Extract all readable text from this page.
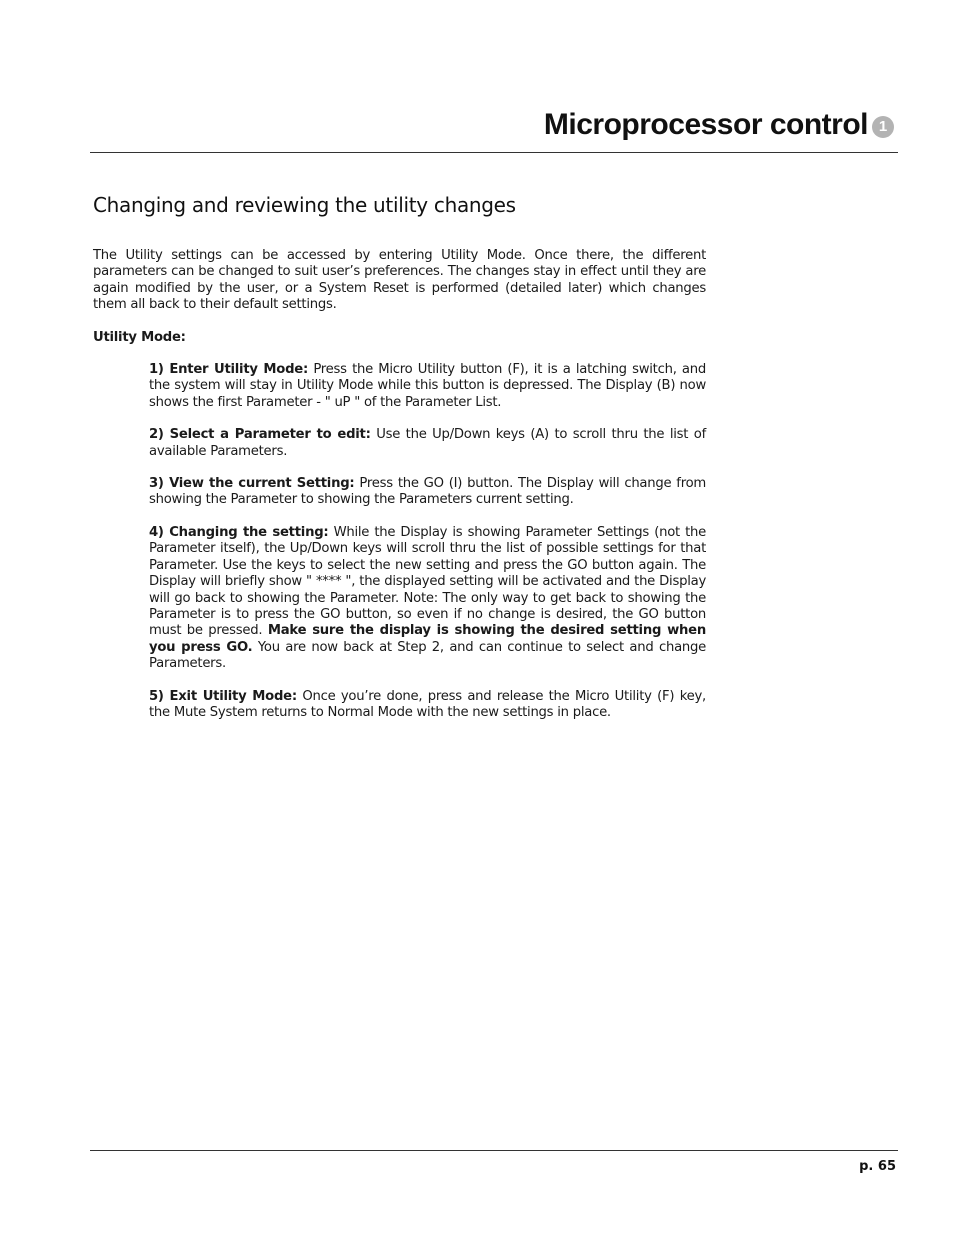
Microprocessor control 1
Changing and reviewing the utility changes

The Utility settings can be accessed by entering Utility Mode. Once there, the different parameters can be changed to suit user’s preferences. The changes stay in effect until they are again modified by the user, or a System Reset is performed (detailed later) which changes them all back to their default settings.

Utility Mode:

1) Enter Utility Mode: Press the Micro Utility button (F), it is a latching switch, and the system will stay in Utility Mode while this button is depressed. The Display (B) now shows the first Parameter - " uP " of the Parameter List.

2) Select a Parameter to edit: Use the Up/Down keys (A) to scroll thru the list of available Parameters.

3) View the current Setting: Press the GO (I) button. The Display will change from showing the Parameter to showing the Parameters current setting.

4) Changing the setting: While the Display is showing Parameter Settings (not the Parameter itself), the Up/Down keys will scroll thru the list of possible settings for that Parameter. Use the keys to select the new setting and press the GO button again. The Display will briefly show " **** ", the displayed setting will be activated and the Display will go back to showing the Parameter. Note: The only way to get back to showing the Parameter is to press the GO button, so even if no change is desired, the GO button must be pressed. Make sure the display is showing the desired setting when you press GO. You are now back at Step 2, and can continue to select and change Parameters.

5) Exit Utility Mode: Once you’re done, press and release the Micro Utility (F) key, the Mute System returns to Normal Mode with the new settings in place.

p. 65
